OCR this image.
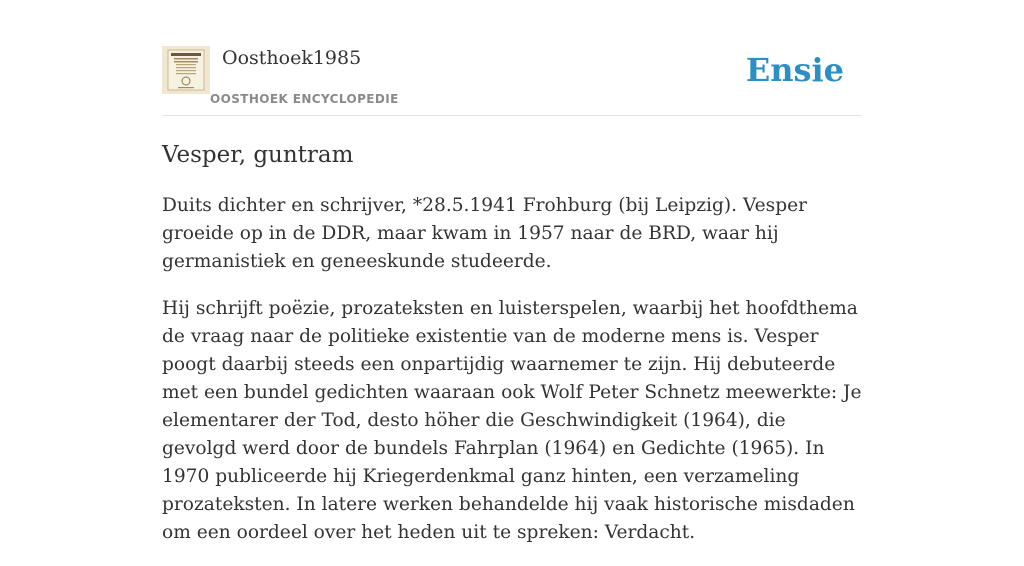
Oosthoek1985
OOSTHOEK ENCYCLOPEDIE
Ensie
Vesper, guntram

Duits dichter en schrijver, *28.5.1941 Frohburg (bij Leipzig). Vesper groeide op in de DDR, maar kwam in 1957 naar de BRD, waar hij germanistiek en geneeskunde studeerde.

Hij schrijft poëzie, prozateksten en luisterspelen, waarbij het hoofdthema de vraag naar de politieke existentie van de moderne mens is. Vesper poogt daarbij steeds een onpartijdig waarnemer te zijn. Hij debuteerde met een bundel gedichten waaraan ook Wolf Peter Schnetz meewerkte: Je elementarer der Tod, desto höher die Geschwindigkeit (1964), die gevolgd werd door de bundels Fahrplan (1964) en Gedichte (1965). In 1970 publiceerde hij Kriegerdenkmal ganz hinten, een verzameling prozateksten. In latere werken behandelde hij vaak historische misdaden om een oordeel over het heden uit te spreken: Verdacht.
